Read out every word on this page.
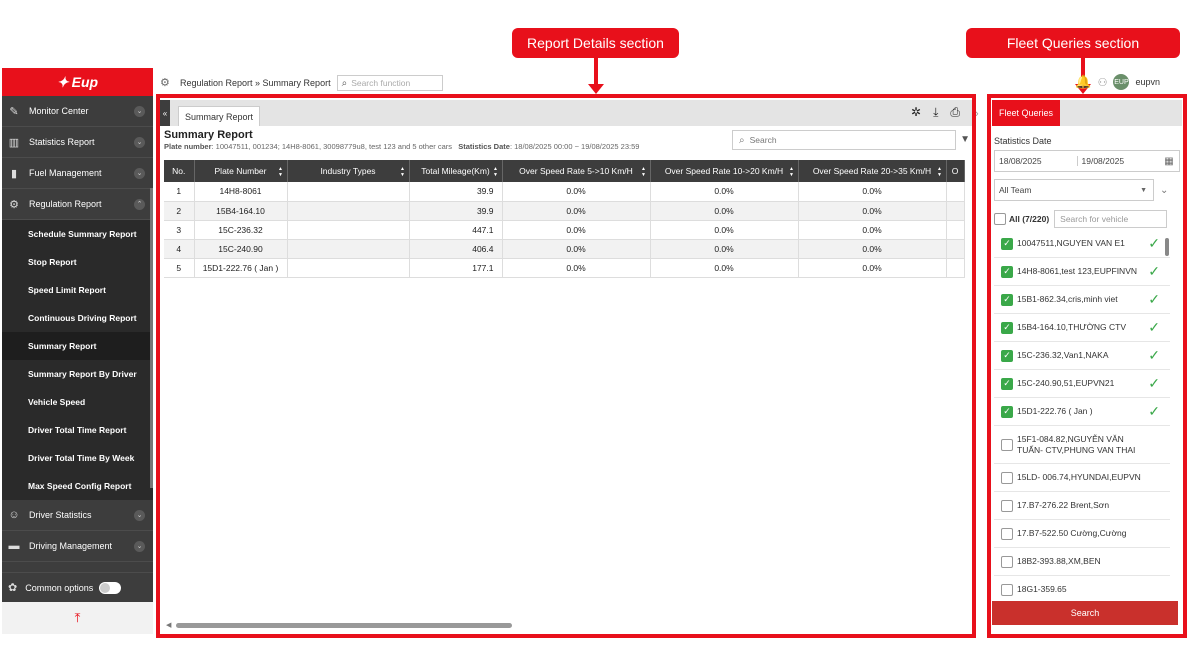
Report Details section	Fleet Queries section
✦ Eup
✎	Monitor Center	⌄
▥	Statistics Report	⌄
▮	Fuel Management	⌄
⚙	Regulation Report	⌃
Schedule Summary Report
Stop Report
Speed Limit Report
Continuous Driving Report
Summary Report
Summary Report By Driver
Vehicle Speed
Driver Total Time Report
Driver Total Time By Week
Max Speed Config Report
☺ Driver Statistics	⌄
▬ Driving Management	⌄
✿ Common options
⤒
⚙	Regulation Report » Summary Report ⌕ Search function	🔔 ⚇ EUP eupvn
«	Summary Report	✲ ⤓ ⎙
Summary Report
Plate number: 10047511, 001234; 14H8-8061, 30098779u8, test 123 and 5 other cars Statistics Date: 18/08/2025 00:00 ~ 19/08/2025 23:59
⌕ Search	▼
No.	Plate Number ▲▼	Industry Types ▲▼	Total Mileage(Km) ▲▼	Over Speed Rate 5->10 Km/H ▲▼	Over Speed Rate 10->20 Km/H ▲▼	Over Speed Rate 20->35 Km/H ▲▼	O
1	14H8-8061		39.9	0.0%	0.0%	0.0%	
2	15B4-164.10		39.9	0.0%	0.0%	0.0%	
3	15C-236.32		447.1	0.0%	0.0%	0.0%	
4	15C-240.90		406.4	0.0%	0.0%	0.0%	
5	15D1-222.76 ( Jan )		177.1	0.0%	0.0%	0.0%	
◀
›	Fleet Queries
Statistics Date
18/08/2025	19/08/2025	▦
All Team	▼ ⌄
All (7/220)	Search for vehicle
✓ 10047511,NGUYEN VAN E1 ✓
✓ 14H8-8061,test 123,EUPFINVN ✓
✓ 15B1-862.34,cris,minh viet ✓
✓ 15B4-164.10,THƯỜNG CTV ✓
✓ 15C-236.32,Van1,NAKA	✓
✓ 15C-240.90,51,EUPVN21 ✓
✓ 15D1-222.76 ( Jan )	✓
15F1-084.82,NGUYỄN VĂN TUẤN- CTV,PHUNG VAN THAI
15LD- 006.74,HYUNDAI,EUPVN
17.B7-276.22 Brent,Sơn
17.B7-522.50 Cường,Cường
18B2-393.88,XM,BEN
18G1-359.65
Search
